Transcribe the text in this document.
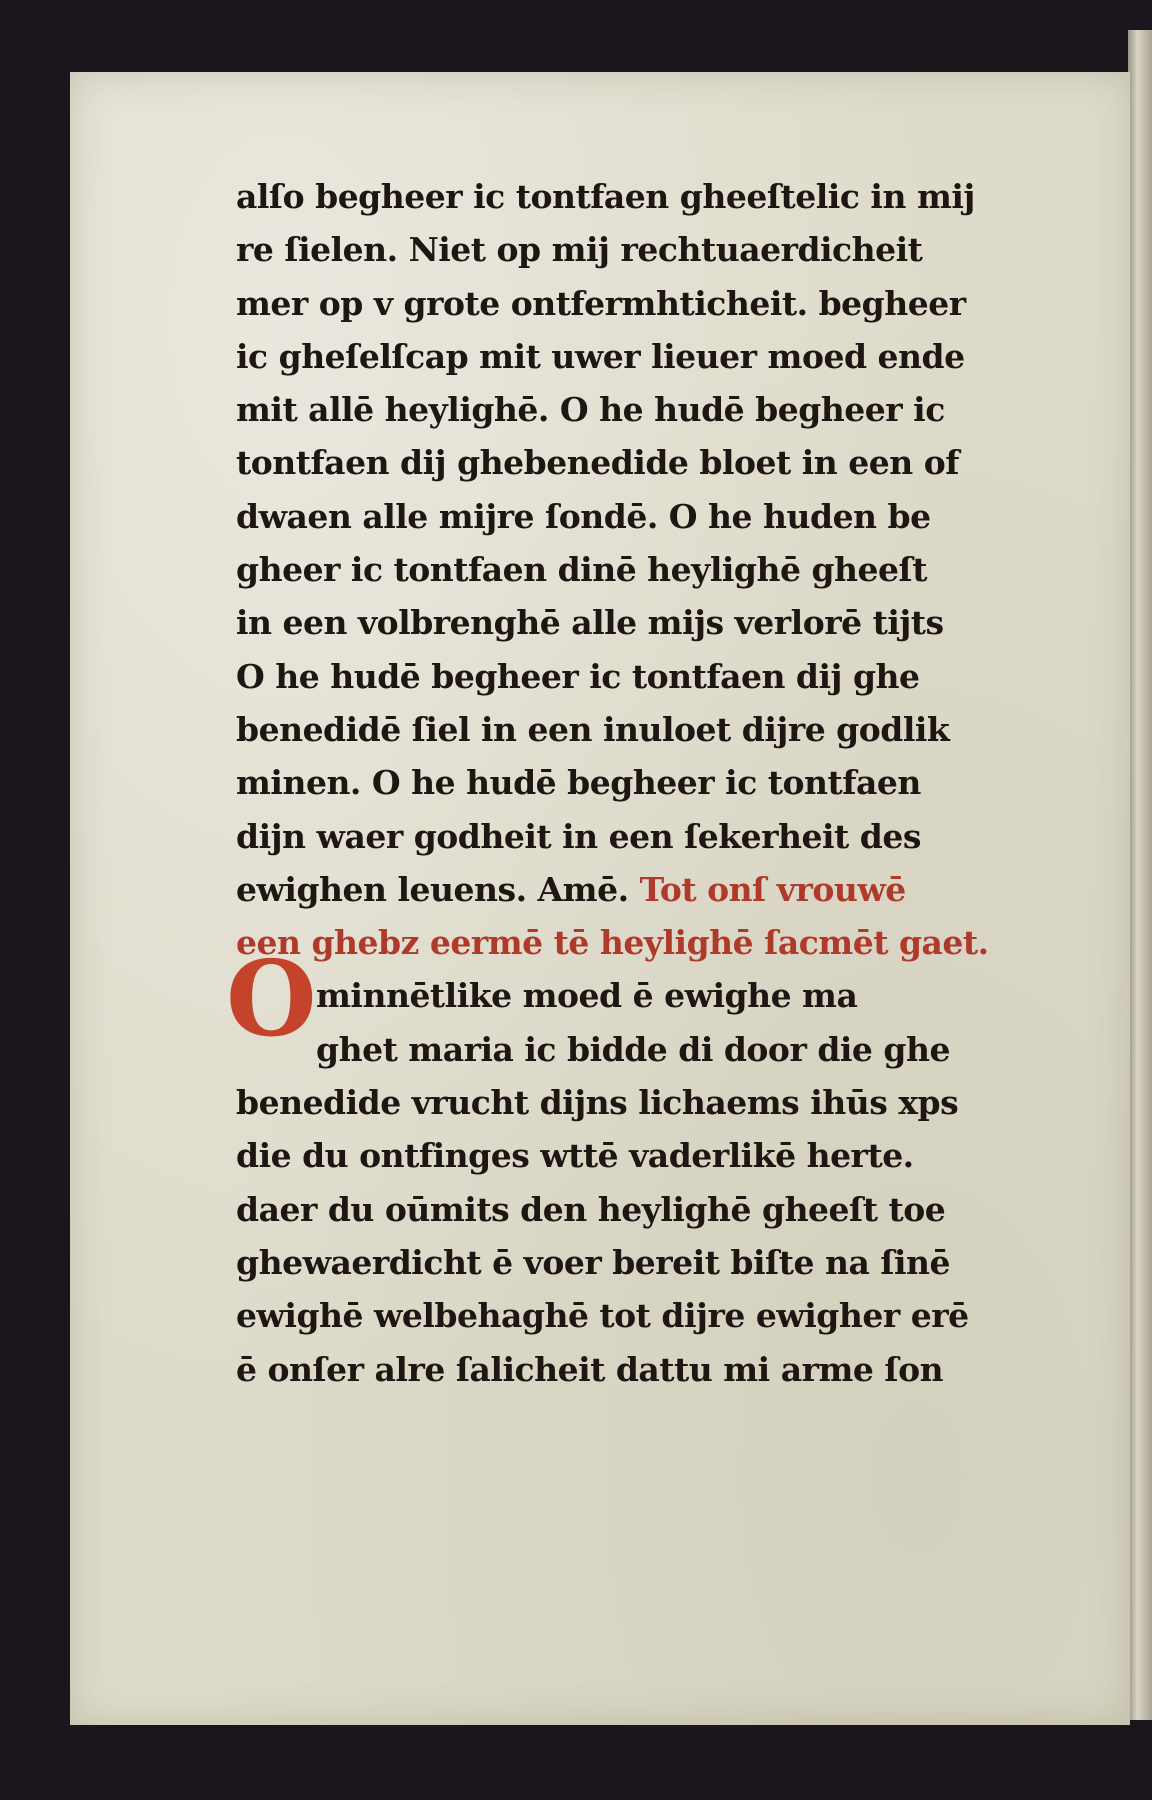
alſo begheer ic tontfaen gheeſtelic in mij
re ſielen. Niet op mij rechtuaerdicheit
mer op v grote ontfermhticheit. begheer
ic gheſelſcap mit uwer lieuer moed ende
mit allē heylighē. O he hudē begheer ic
tontfaen dij ghebenedide bloet in een of
dwaen alle mijre ſondē. O he huden be
gheer ic tontfaen dinē heylighē gheeſt
in een volbrenghē alle mijs verlorē tijts
O he hudē begheer ic tontfaen dij ghe
benedidē ſiel in een inuloet dijre godlik
minen. O he hudē begheer ic tontfaen
dijn waer godheit in een ſekerheit des
ewighen leuens. Amē. Tot onſ vrouwē
een ghebz eermē tē heylighē ſacmēt gaet.
minnētlike moed ē ewighe ma
ghet maria ic bidde di door die ghe
benedide vrucht dijns lichaems ihūs xps
die du ontfinges wttē vaderlikē herte.
daer du oūmits den heylighē gheeſt toe
ghewaerdicht ē voer bereit biſte na ſinē
ewighē welbehaghē tot dijre ewigher erē
ē onſer alre ſalicheit dattu mi arme ſon
O
